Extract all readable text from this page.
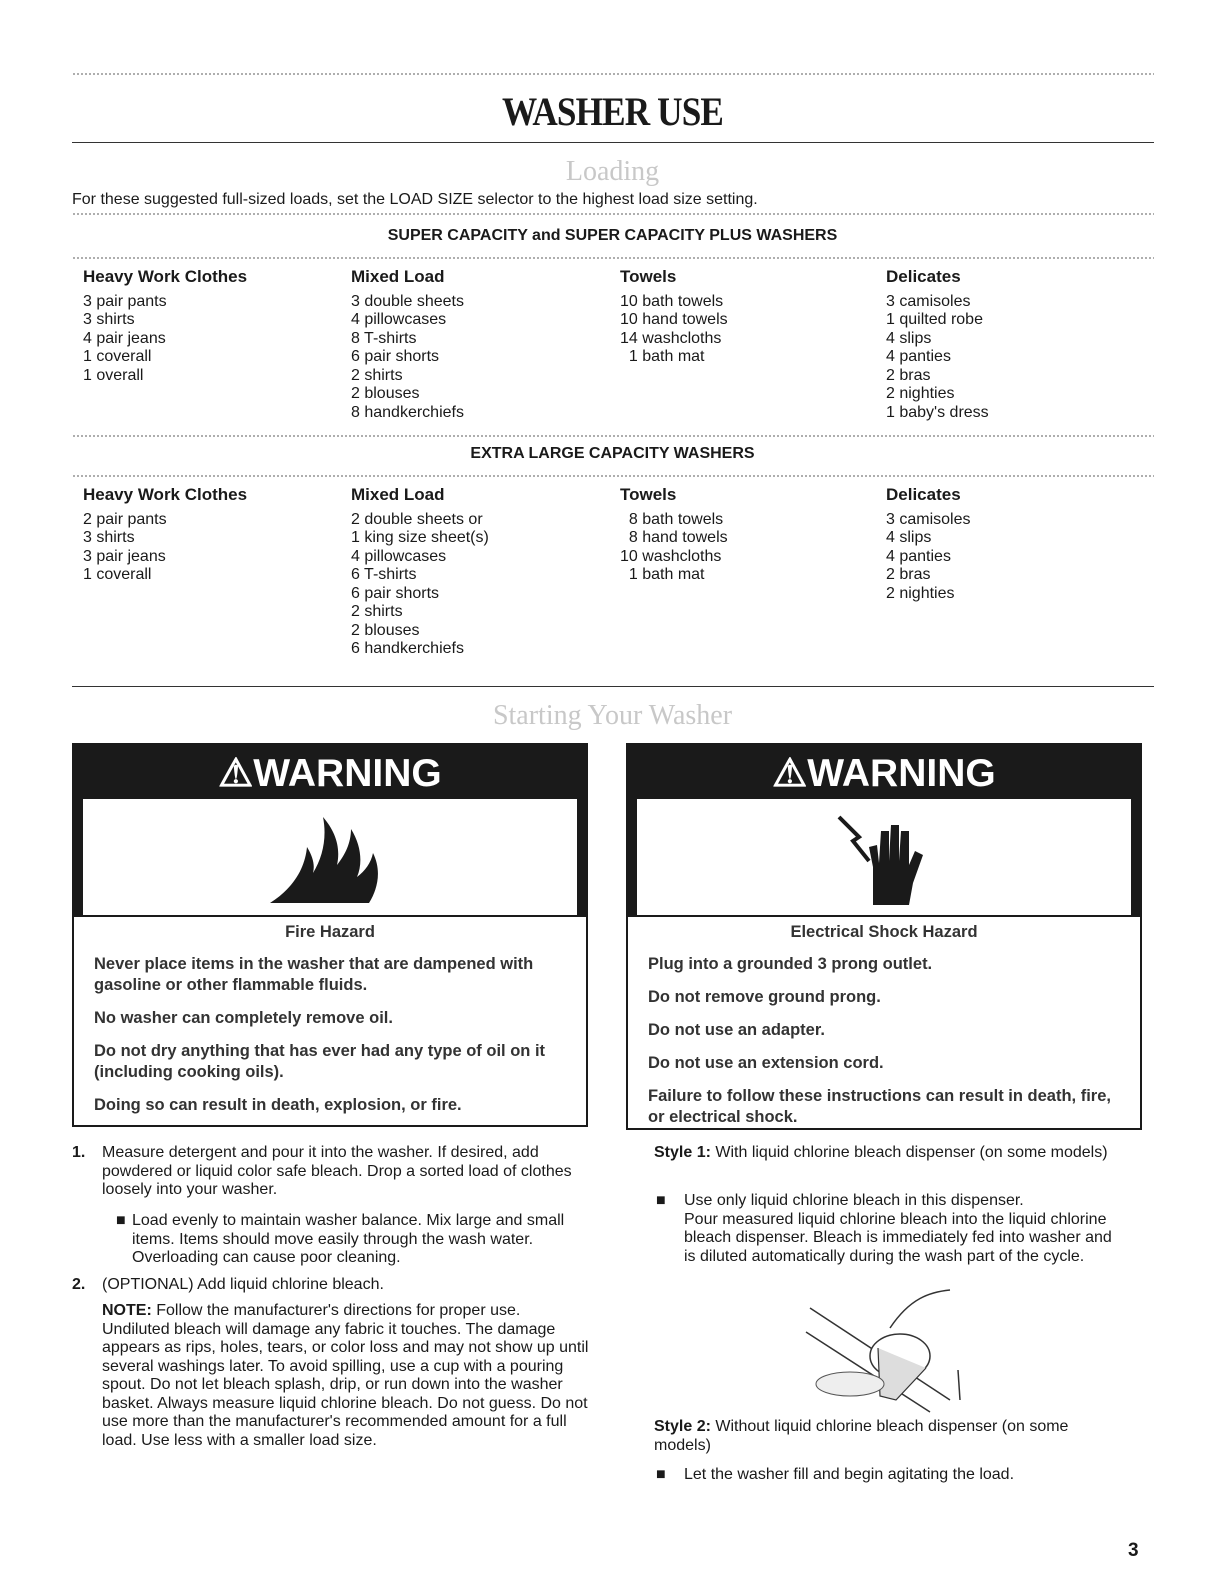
WASHER USE
Loading
For these suggested full-sized loads, set the LOAD SIZE selector to the highest load size setting.
SUPER CAPACITY and SUPER CAPACITY PLUS WASHERS
Heavy Work Clothes
3 pair pants
3 shirts
4 pair jeans
1 coverall
1 overall
Mixed Load
3 double sheets
4 pillowcases
8 T-shirts
6 pair shorts
2 shirts
2 blouses
8 handkerchiefs
Towels
10 bath towels
10 hand towels
14 washcloths
1 bath mat
Delicates
3 camisoles
1 quilted robe
4 slips
4 panties
2 bras
2 nighties
1 baby's dress
EXTRA LARGE CAPACITY WASHERS
Heavy Work Clothes
2 pair pants
3 shirts
3 pair jeans
1 coverall
Mixed Load
2 double sheets or
1 king size sheet(s)
4 pillowcases
6 T-shirts
6 pair shorts
2 shirts
2 blouses
6 handkerchiefs
Towels
8 bath towels
8 hand towels
10 washcloths
1 bath mat
Delicates
3 camisoles
4 slips
4 panties
2 bras
2 nighties
Starting Your Washer
⚠WARNING
Fire Hazard

Never place items in the washer that are dampened with gasoline or other flammable fluids.

No washer can completely remove oil.

Do not dry anything that has ever had any type of oil on it (including cooking oils).

Doing so can result in death, explosion, or fire.

⚠WARNING
Electrical Shock Hazard

Plug into a grounded 3 prong outlet.

Do not remove ground prong.

Do not use an adapter.

Do not use an extension cord.

Failure to follow these instructions can result in death, fire, or electrical shock.

1. Measure detergent and pour it into the washer. If desired, add powdered or liquid color safe bleach. Drop a sorted load of clothes loosely into your washer.

■ Load evenly to maintain washer balance. Mix large and small items. Items should move easily through the wash water. Overloading can cause poor cleaning.

2. (OPTIONAL) Add liquid chlorine bleach.

NOTE: Follow the manufacturer's directions for proper use. Undiluted bleach will damage any fabric it touches. The damage appears as rips, holes, tears, or color loss and may not show up until several washings later. To avoid spilling, use a cup with a pouring spout. Do not let bleach splash, drip, or run down into the washer basket. Always measure liquid chlorine bleach. Do not guess. Do not use more than the manufacturer's recommended amount for a full load. Use less with a smaller load size.

Style 1: With liquid chlorine bleach dispenser (on some models)

■ Use only liquid chlorine bleach in this dispenser.

Pour measured liquid chlorine bleach into the liquid chlorine bleach dispenser. Bleach is immediately fed into washer and is diluted automatically during the wash part of the cycle.

Style 2: Without liquid chlorine bleach dispenser (on some models)

■ Let the washer fill and begin agitating the load.

3
